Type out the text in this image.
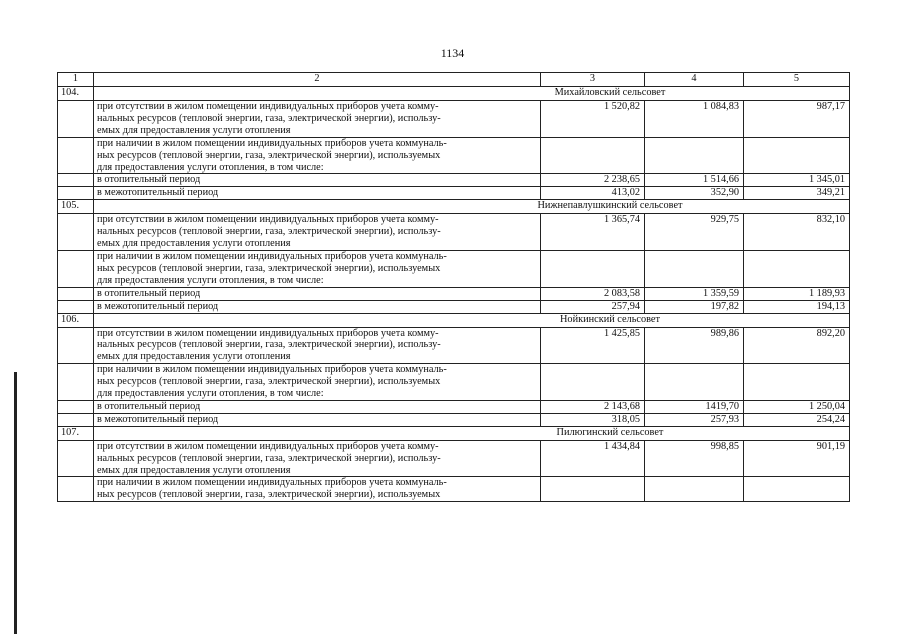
1134
1	2	3	4	5
104.	Михайловский сельсовет			

	при отсутствии в жилом помещении индивидуальных приборов учета комму-
нальных ресурсов (тепловой энергии, газа, электрической энергии), использу-
емых для предоставления услуги отопления	1 520,82	1 084,83	987,17

	при наличии в жилом помещении индивидуальных приборов учета коммуналь-
ных ресурсов (тепловой энергии, газа, электрической энергии), используемых
для предоставления услуги отопления, в том числе:			

	в отопительный период	2 238,65	1 514,66	1 345,01
	в межотопительный период	413,02	352,90	349,21
105.	Нижнепавлушкинский сельсовет			

	при отсутствии в жилом помещении индивидуальных приборов учета комму-
нальных ресурсов (тепловой энергии, газа, электрической энергии), использу-
емых для предоставления услуги отопления	1 365,74	929,75	832,10

	при наличии в жилом помещении индивидуальных приборов учета коммуналь-
ных ресурсов (тепловой энергии, газа, электрической энергии), используемых
для предоставления услуги отопления, в том числе:			

	в отопительный период	2 083,58	1 359,59	1 189,93
	в межотопительный период	257,94	197,82	194,13
106.	Нойкинский сельсовет			

	при отсутствии в жилом помещении индивидуальных приборов учета комму-
нальных ресурсов (тепловой энергии, газа, электрической энергии), использу-
емых для предоставления услуги отопления	1 425,85	989,86	892,20

	при наличии в жилом помещении индивидуальных приборов учета коммуналь-
ных ресурсов (тепловой энергии, газа, электрической энергии), используемых
для предоставления услуги отопления, в том числе:			

	в отопительный период	2 143,68	1419,70	1 250,04
	в межотопительный период	318,05	257,93	254,24
107.	Пилюгинский сельсовет			

	при отсутствии в жилом помещении индивидуальных приборов учета комму-
нальных ресурсов (тепловой энергии, газа, электрической энергии), использу-
емых для предоставления услуги отопления	1 434,84	998,85	901,19

	при наличии в жилом помещении индивидуальных приборов учета коммуналь-
ных ресурсов (тепловой энергии, газа, электрической энергии), используемых			
